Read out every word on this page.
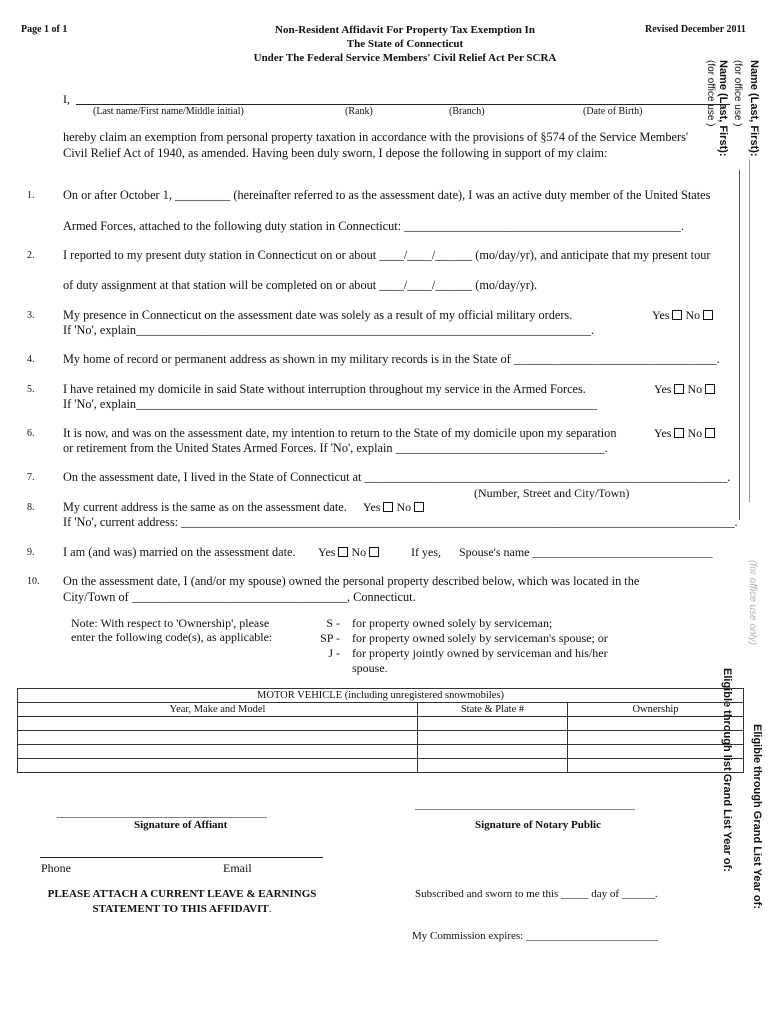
Page 1 of 1	Revised December 2011
Non-Resident Affidavit For Property Tax Exemption In
The State of Connecticut
Under The Federal Service Members' Civil Relief Act Per SCRA
Name (Last, First): ________________________________________________________
(for office use )
Name (Last, First):
(for office use )
(for office use only)
Eligible through list Grand List Year of: Eligible through Grand List Year of:
I,
(Last name/First name/Middle initial)	(Rank)	(Branch)	(Date of Birth)
hereby claim an exemption from personal property taxation in accordance with the provisions of §574 of the Service Members'
Civil Relief Act of 1940, as amended. Having been duly sworn, I depose the following in support of my claim:
1. On or after October 1, _________ (hereinafter referred to as the assessment date), I was an active duty member of the United States
Armed Forces, attached to the following duty station in Connecticut: _____________________________________________.
2. I reported to my present duty station in Connecticut on or about ____/____/______ (mo/day/yr), and anticipate that my present tour
of duty assignment at that station will be completed on or about ____/____/______ (mo/day/yr).
3. My presence in Connecticut on the assessment date was solely as a result of my official military orders.	Yes No
If 'No', explain__________________________________________________________________________.
4. My home of record or permanent address as shown in my military records is in the State of _________________________________.
5. I have retained my domicile in said State without interruption throughout my service in the Armed Forces.	Yes No
If 'No', explain___________________________________________________________________________
6. It is now, and was on the assessment date, my intention to return to the State of my domicile upon my separation	Yes No
or retirement from the United States Armed Forces. If 'No', explain __________________________________.
7. On the assessment date, I lived in the State of Connecticut at ___________________________________________________________.
(Number, Street and City/Town)
8. My current address is the same as on the assessment date. Yes No
If 'No', current address: __________________________________________________________________________________________.
9. I am (and was) married on the assessment date. Yes No	If yes, Spouse's name ______________________________
10. On the assessment date, I (and/or my spouse) owned the personal property described below, which was located in the
City/Town of ___________________________________, Connecticut.
Note: With respect to 'Ownership', please
enter the following code(s), as applicable:
S - for property owned solely by serviceman;
SP - for property owned solely by serviceman's spouse; or
J - for property jointly owned by serviceman and his/her
spouse.
MOTOR VEHICLE (including unregistered snowmobiles)		
Year, Make and Model	State & Plate #	Ownership

__________________________________________
Signature of Affiant
____________________________________________
Signature of Notary Public
Phone	Email
PLEASE ATTACH A CURRENT LEAVE & EARNINGS
STATEMENT TO THIS AFFIDAVIT.
Subscribed and sworn to me this _____ day of ______.
My Commission expires: ________________________
